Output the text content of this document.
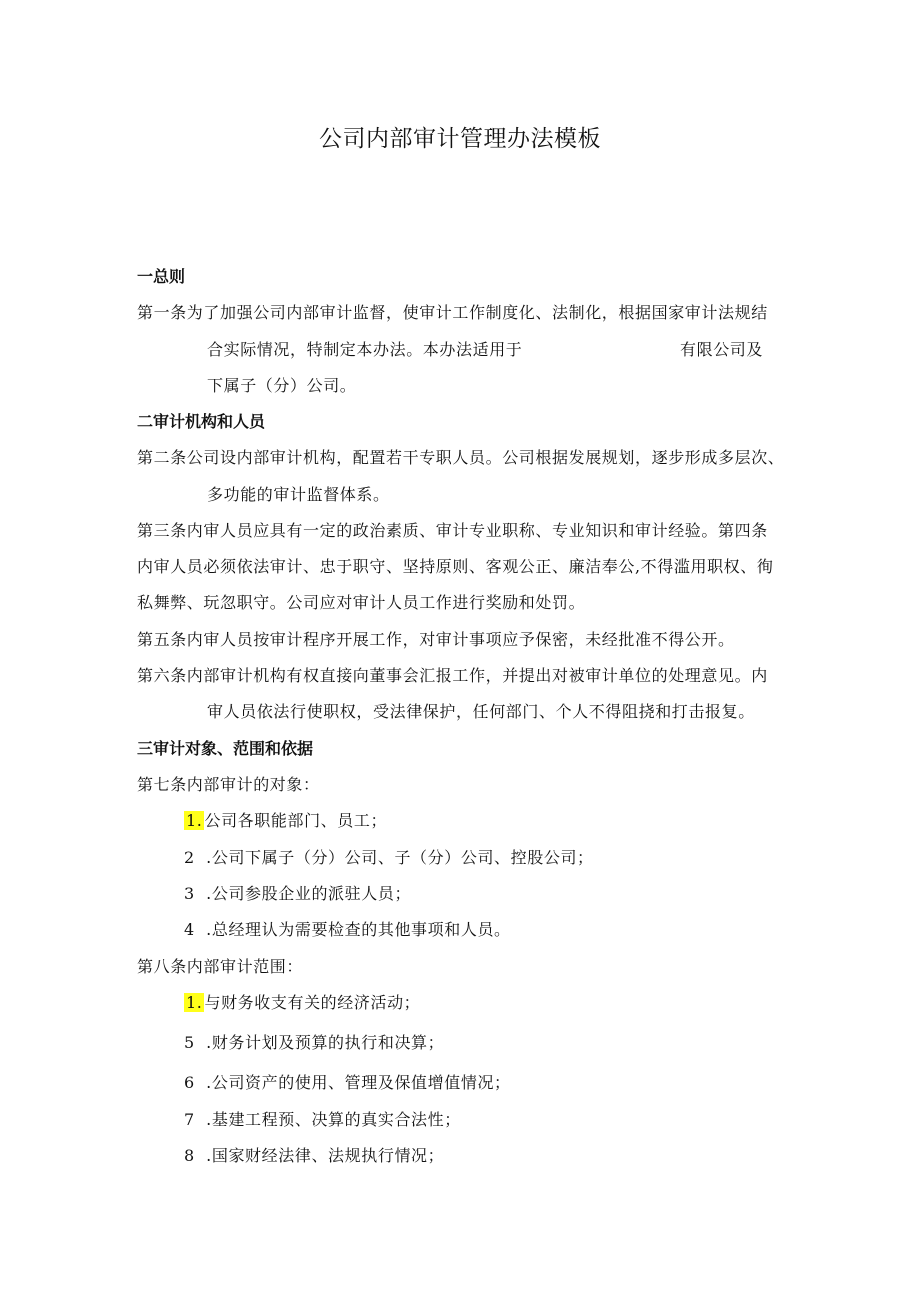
公司内部审计管理办法模板
一总则
第一条为了加强公司内部审计监督，使审计工作制度化、法制化，根据国家审计法规结
合实际情况，特制定本办法。本办法适用于	有限公司及
下属子（分）公司。
二审计机构和人员
第二条公司设内部审计机构，配置若干专职人员。公司根据发展规划，逐步形成多层次、
多功能的审计监督体系。
第三条内审人员应具有一定的政治素质、审计专业职称、专业知识和审计经验。第四条
内审人员必须依法审计、忠于职守、坚持原则、客观公正、廉洁奉公,不得滥用职权、徇
私舞弊、玩忽职守。公司应对审计人员工作进行奖励和处罚。
第五条内审人员按审计程序开展工作，对审计事项应予保密，未经批准不得公开。
第六条内部审计机构有权直接向董事会汇报工作，并提出对被审计单位的处理意见。内
审人员依法行使职权，受法律保护，任何部门、个人不得阻挠和打击报复。
三审计对象、范围和依据
第七条内部审计的对象：
1. 公司各职能部门、员工；
2 .公司下属子（分）公司、子（分）公司、控股公司；
3 .公司参股企业的派驻人员；
4 .总经理认为需要检查的其他事项和人员。
第八条内部审计范围：
1. 与财务收支有关的经济活动；
5 .财务计划及预算的执行和决算；
6 .公司资产的使用、管理及保值增值情况；
7 .基建工程预、决算的真实合法性；
8 .国家财经法律、法规执行情况；
